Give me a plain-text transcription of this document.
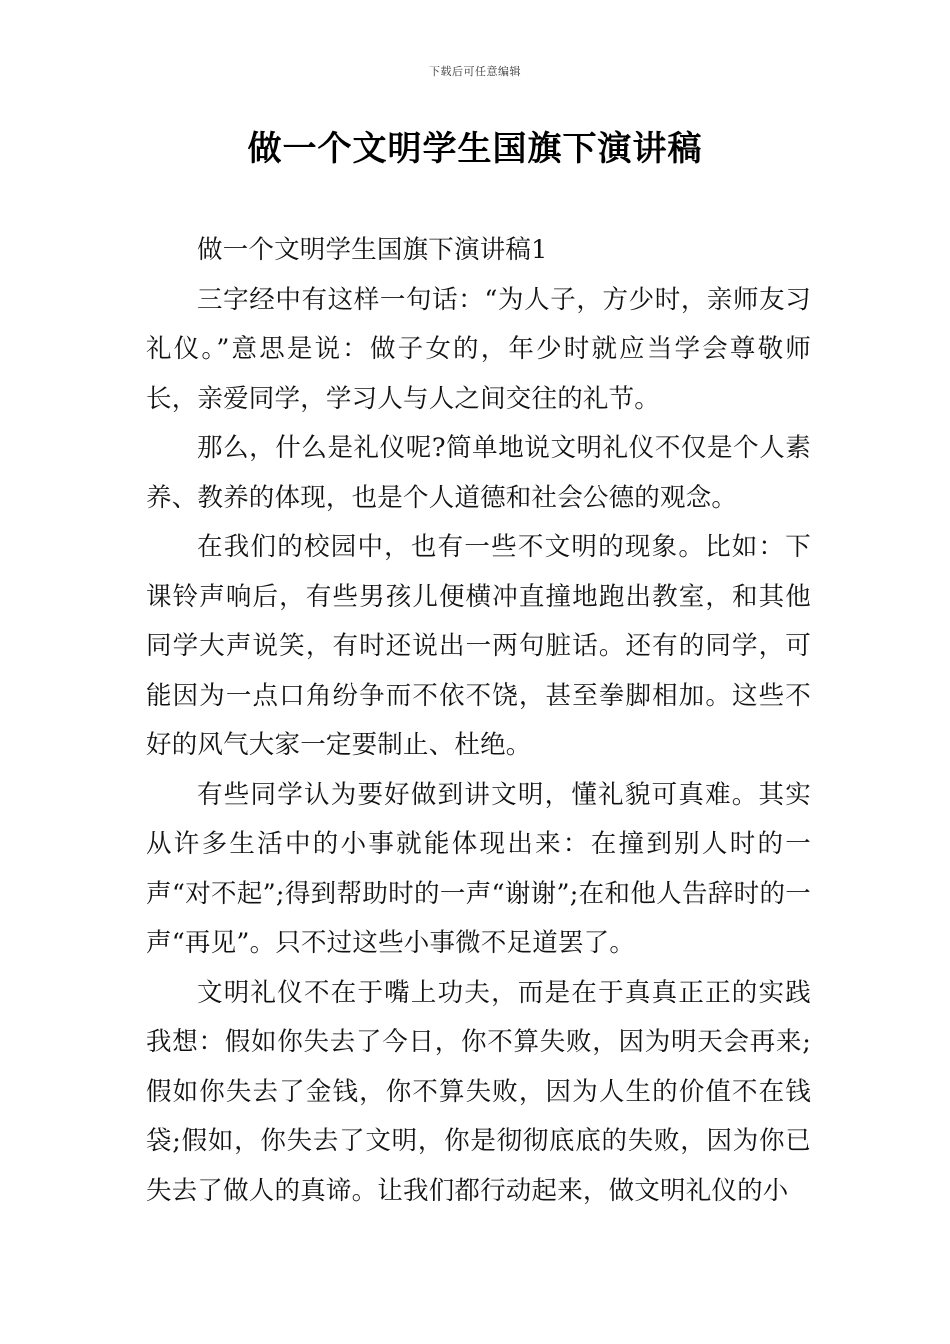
下载后可任意编辑
做一个文明学生国旗下演讲稿

做一个文明学生国旗下演讲稿1

三字经中有这样一句话：“为人子，方少时，亲师友习礼仪。”意思是说：做子女的，年少时就应当学会尊敬师长，亲爱同学，学习人与人之间交往的礼节。

那么，什么是礼仪呢?简单地说文明礼仪不仅是个人素养、教养的体现，也是个人道德和社会公德的观念。

在我们的校园中，也有一些不文明的现象。比如：下课铃声响后，有些男孩儿便横冲直撞地跑出教室，和其他同学大声说笑，有时还说出一两句脏话。还有的同学，可能因为一点口角纷争而不依不饶，甚至拳脚相加。这些不好的风气大家一定要制止、杜绝。

有些同学认为要好做到讲文明，懂礼貌可真难。其实从许多生活中的小事就能体现出来：在撞到别人时的一声“对不起”;得到帮助时的一声“谢谢”;在和他人告辞时的一声“再见”。只不过这些小事微不足道罢了。

文明礼仪不在于嘴上功夫，而是在于真真正正的实践我想：假如你失去了今日，你不算失败，因为明天会再来;假如你失去了金钱，你不算失败，因为人生的价值不在钱袋;假如，你失去了文明，你是彻彻底底的失败，因为你已失去了做人的真谛。让我们都行动起来，做文明礼仪的小
